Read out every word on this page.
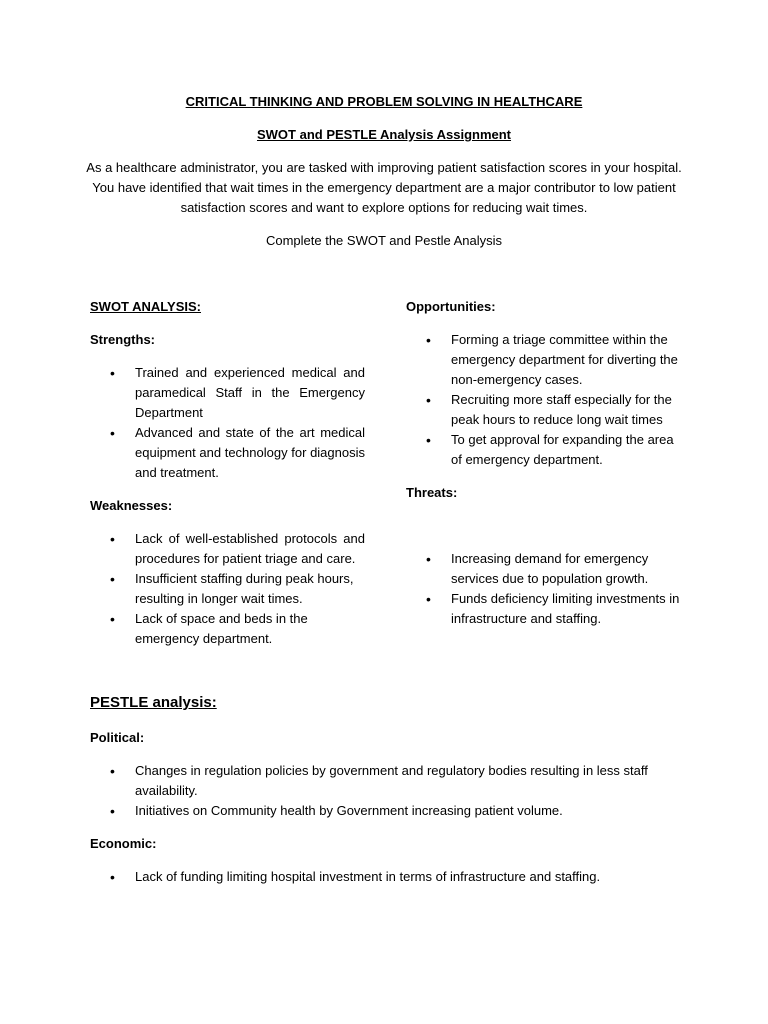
CRITICAL THINKING AND PROBLEM SOLVING IN HEALTHCARE
SWOT and PESTLE Analysis Assignment
As a healthcare administrator, you are tasked with improving patient satisfaction scores in your hospital. You have identified that wait times in the emergency department are a major contributor to low patient satisfaction scores and want to explore options for reducing wait times.
Complete the SWOT and Pestle Analysis

SWOT ANALYSIS:

Strengths:

• Trained and experienced medical and paramedical Staff in the Emergency Department
• Advanced and state of the art medical equipment and technology for diagnosis and treatment.

Weaknesses:

• Lack of well-established protocols and procedures for patient triage and care.
• Insufficient staffing during peak hours, resulting in longer wait times.
• Lack of space and beds in the emergency department.

Opportunities:

• Forming a triage committee within the emergency department for diverting the non-emergency cases.
• Recruiting more staff especially for the peak hours to reduce long wait times
• To get approval for expanding the area of emergency department.

Threats:

• Increasing demand for emergency services due to population growth.
• Funds deficiency limiting investments in infrastructure and staffing.
PESTLE analysis:

Political:

• Changes in regulation policies by government and regulatory bodies resulting in less staff availability.
• Initiatives on Community health by Government increasing patient volume.

Economic:

• Lack of funding limiting hospital investment in terms of infrastructure and staffing.
